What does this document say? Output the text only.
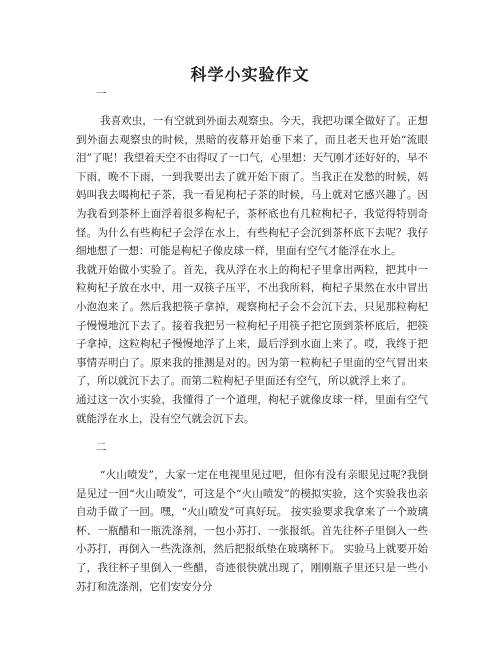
科学小实验作文
一

我喜欢虫，一有空就到外面去观察虫。今天，我把功课全做好了。正想到外面去观察虫的时候，黑暗的夜幕开始垂下来了，而且老天也开始“流眼泪”了呢！我望着天空不由得叹了一口气，心里想：天气刚才还好好的，早不下雨，晚不下雨，一到我要出去了就开始下雨了。当我正在发愁的时候，妈妈叫我去喝枸杞子茶，我一看见枸杞子茶的时候，马上就对它感兴趣了。因为我看到茶杯上面浮着很多枸杞子，茶杯底也有几粒枸杞子，我觉得特别奇怪。为什么有些枸杞子会浮在水上，有些枸杞子会沉到茶杯底下去呢？我仔细地想了一想：可能是枸杞子像皮球一样，里面有空气才能浮在水上。

我就开始做小实验了。首先，我从浮在水上的枸杞子里拿出两粒，把其中一粒枸杞子放在水中，用一双筷子压平，不出我所料，枸杞子果然在水中冒出小泡泡来了。然后我把筷子拿掉，观察枸杞子会不会沉下去，只见那粒枸杞子慢慢地沉下去了。接着我把另一粒枸杞子用筷子把它顶到茶杯底后，把筷子拿掉，这粒枸杞子慢慢地浮了上来，最后浮到水面上来了。哎，我终于把事情弄明白了。原来我的推测是对的。因为第一粒枸杞子里面的空气冒出来了，所以就沉下去了。而第二粒枸杞子里面还有空气，所以就浮上来了。

通过这一次小实验，我懂得了一个道理，枸杞子就像皮球一样，里面有空气就能浮在水上，没有空气就会沉下去。

二

“火山喷发”，大家一定在电视里见过吧，但你有没有亲眼见过呢?我倒是见过一回“火山喷发”，可这是个“火山喷发”的模拟实验，这个实验我也亲自动手做了一回。嘿，“火山喷发”可真好玩。 按实验要求我拿来了一个玻璃杯、一瓶醋和一瓶洗涤剂，一包小苏打、一张报纸。首先往杯子里倒入一些小苏打，再倒入一些洗涤剂，然后把报纸垫在玻璃杯下。 实验马上就要开始了，我往杯子里倒入一些醋，奇迹很快就出现了，刚刚瓶子里还只是一些小苏打和洗涤剂，它们安安分分
